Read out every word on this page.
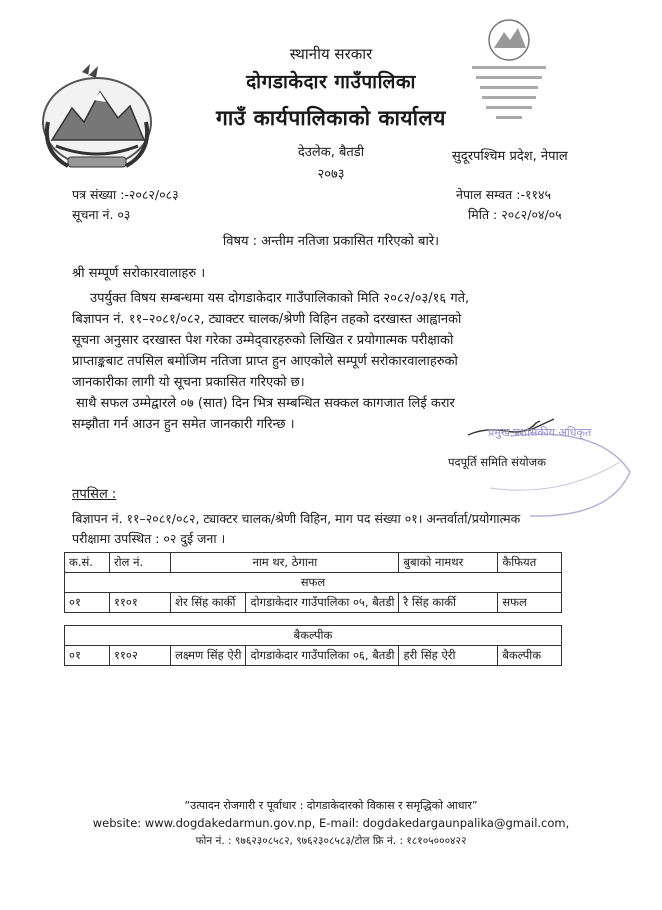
स्थानीय सरकार
दोगडाकेदार गाउँपालिका
गाउँ कार्यपालिकाको कार्यालय
देउलेक, बैतडी
२०७३
सुदूरपश्चिम प्रदेश, नेपाल
पत्र संख्या :-२०८२/०८३
सूचना नं. ०३
नेपाल सम्वत :-११४५
मिति : २०८२/०४/०५
विषय : अन्तीम नतिजा प्रकासित गरिएको बारे।
श्री सम्पूर्ण सरोकारवालाहरु ।
उपर्युक्त विषय सम्बन्धमा यस दोगडाकेदार गाउँपालिकाको मिति २०८२/०३/१६ गते,
बिज्ञापन नं. ११–२०८१/०८२, ट्याक्टर चालक/श्रेणी विहिन तहको दरखास्त आह्वानको
सूचना अनुसार दरखास्त पेश गरेका उम्मेद्‍वारहरुको लिखित र प्रयोगात्मक परीक्षाको
प्राप्ताङ्कबाट तपसिल बमोजिम नतिजा प्राप्त हुन आएकोले सम्पूर्ण सरोकारवालाहरुको
जानकारीका लागी यो सूचना प्रकासित गरिएको छ।
साथै सफल उम्मेद्वारले ०७ (सात) दिन भित्र सम्बन्धित सक्कल कागजात लिई करार
सम्झौता गर्न आउन हुन समेत जानकारी गरिन्छ ।
प्रमुख प्रशासकीय अधिकृत
पदपूर्ति समिति संयोजक
तपसिल :
बिज्ञापन नं. ११–२०८१/०८२, ट्याक्टर चालक/श्रेणी विहिन, माग पद संख्या ०१। अन्तर्वार्ता/प्रयोगात्मक
परीक्षामा उपस्थित : ०२ दुई जना ।
क.सं.	रोल नं.	नाम थर, ठेगाना		बुबाको नामथर	कैफियत
सफल					
०१	११०१	शेर सिंह कार्की	दोगडाकेदार गाउँपालिका ०५, बैतडी	रै सिंह कार्की	सफल

बैकल्पीक					
०१	११०२	लक्ष्मण सिंह ऐरी	दोगडाकेदार गाउँपालिका ०६, बैतडी	हरी सिंह ऐरी	बैकल्पीक
“उत्पादन रोजगारी र पूर्वाधार : दोगडाकेदारको विकास र समृद्धिको आधार”
website: www.dogdakedarmun.gov.np, E-mail: dogdakedargaunpalika@gmail.com,
फोन नं. : ९७६२३०८५८२, ९७६२३०८५८३/टोल फ्रि नं. : १८१०५०००४२२
